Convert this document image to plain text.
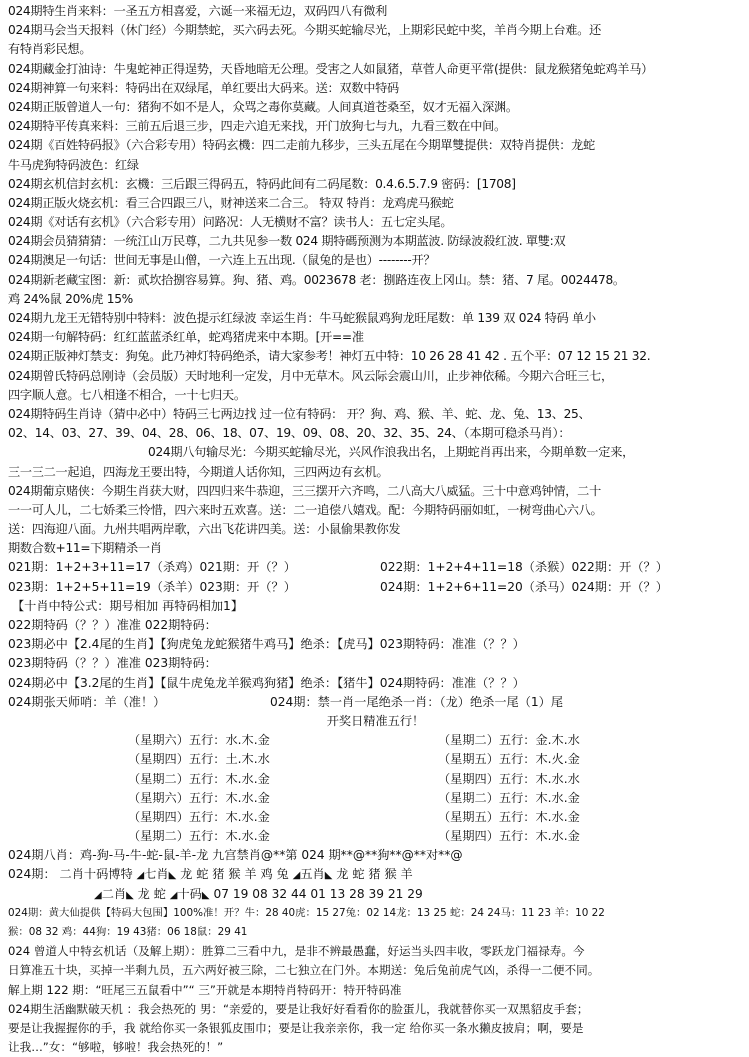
024期特生肖来料：一圣五方相喜爱，六诞一来福无边，双码四八有微利
024期马会当天报料（休门经）今期禁蛇，买六码去死。今期买蛇输尽光，上期彩民蛇中奖，羊肖今期上台难。还
有特肖彩民想。
024期藏金打油诗：牛鬼蛇神正得逞势，天昏地暗无公理。受害之人如鼠猪，草菅人命更平常(提供：鼠龙猴猪兔蛇鸡羊马）
024期神算一句来料：特码出在双绿尾，单红要出大码来。送：双数中特码
024期正版曾道人一句：猪狗不如不是人，众骂之毒你莫藏。人间真道苍桑至，奴才无福入深渊。
024期特平传真来料：三前五后退三步，四走六追无来找，开门放狗七与九，九看三数在中间。
024期《百姓特码报》（六合彩专用）特码玄機：四二走前九移步，三头五尾在今期單雙提供：双特肖提供：龙蛇
牛马虎狗特码波色：红绿
024期玄机信封玄机：玄機：三后跟三得码五，特码此间有二码尾数：0.4.6.5.7.9 密码：[1708]
024期正版火烧玄机：看三合四跟三八，财神送来二合三。 特双 特肖：龙鸡虎马猴蛇
024期《对话有玄机》（六合彩专用）问路况：人无横财不富？读书人：五七定头尾。
024期会员猜猜猜：一统江山万民尊，二九共见参一数 024 期特碼预测为本期蓝波. 防绿波殺红波. 單雙:双
024期澳足一句话：世间无事是山僧，一六连上五出现.（鼠兔的是也）--------开？
024期新老藏宝图：新：贰坎拾捌容易算。狗、猪、鸡。0023678 老：捌路连夜上冈山。禁：猪、7 尾。0024478。
鸡 24%鼠 20%虎 15%
024期九龙王无错特别中特料：波色提示红绿波 幸运生肖：牛马蛇猴鼠鸡狗龙旺尾数：单 139 双 024 特码 单小
024期一句解特码：红红蓝蓝杀红单，蛇鸡猪虎来中本期。[开==准
024期正版神灯禁支：狗兔。此乃神灯特码绝杀，请大家参考！神灯五中特：10 26 28 41 42 . 五个平：07 12 15 21 32.
024期曾氏特码总刚诗（会员版）天时地利一定发，月中无草木。风云际会震山川，止步神依稀。今期六合旺三七，
四字顺人意。七八相逢不相合，一十七归天。
024期特码生肖诗（猜中必中）特码三七两边找 过一位有特码： 开？狗、鸡、猴、羊、蛇、龙、兔、13、25、
02、14、03、27、39、04、28、06、18、07、19、09、08、20、32、35、24、（本期可稳杀马肖）：
024期八句输尽光：今期买蛇输尽光，兴风作浪我出名，上期蛇肖再出来，今期单数一定来，
三一三二一起追，四海龙王要出特，今期道人话你知，三四两边有玄机。
024期葡京赌侠：今期生肖获大财，四四归来牛恭迎，三三摆开六齐鸣，二八高大八威猛。三十中意鸡钟情，二十
一一可人儿，二七娇柔三怜惜，四六来时五欢喜。送：二一追偿八嬉戏。配：今期特码丽如虹，一树弯曲心六八。
送：四海迎八面。九州共唱两岸歌，六出飞花讲四美。送：小鼠偷果教你发
期数合数+11=下期精杀一肖
021期：1+2+3+11=17（杀鸡）021期：开（？）	022期：1+2+4+11=18（杀猴）022期：开（？）
023期：1+2+5+11=19（杀羊）023期：开（？）	024期：1+2+6+11=20（杀马）024期：开（？）
【十肖中特公式：期号相加 再特码相加1】
022期特码（？？）准准 022期特码：
023期必中【2.4尾的生肖】【狗虎兔龙蛇猴猪牛鸡马】绝杀：【虎马】023期特码：准准（？？）
023期特码（？？）准准 023期特码：
024期必中【3.2尾的生肖】【鼠牛虎兔龙羊猴鸡狗猪】绝杀：【猪牛】024期特码：准准（？？）
024期张天师哨：羊（准！）	024期：禁一肖一尾绝杀一肖：（龙）绝杀一尾（1）尾
开奖日精准五行！
（星期六）五行：水.木.金	（星期二）五行：金.木.水
（星期四）五行：土.木.水	（星期五）五行：木.火.金
（星期二）五行：木.水.金	（星期四）五行：木.水.水
（星期六）五行：木.水.金	（星期二）五行：木.水.金
（星期四）五行：木.水.金	（星期五）五行：木.水.金
（星期二）五行：木.水.金	（星期四）五行：木.水.金
024期八肖：鸡-狗-马-牛-蛇-鼠-羊-龙 九宫禁肖@**第 024 期**@**狗**@**对**@
024期： 二肖十码博特 ◢七肖◣ 龙 蛇 猪 猴 羊 鸡 兔 ◢五肖◣ 龙 蛇 猪 猴 羊
◢二肖◣ 龙 蛇 ◢十码◣ 07 19 08 32 44 01 13 28 39 21 29
024期：黄大仙提供【特码大包围】100%准！开？牛：28 40虎：15 27兔：02 14龙：13 25 蛇：24 24马：11 23 羊：10 22
猴：08 32 鸡：44狗：19 43猪：06 18鼠：29 41
024 曾道人中特玄机话（及解上期）：胜算二三看中九，是非不辨最愚蠢，好运当头四丰收，零跃龙门福禄寿。今
日算准五十块，买掉一半剩九员，五六两好被三除，二七独立在门外。本期送：兔后兔前虎气凶，杀得一二便不同。
解上期 122 期：“旺尾三五鼠看中”“ 三”开就是本期特肖特码开：特开特码准
024期生活幽默破天机 ：我会热死的 男：“亲爱的，要是让我好好看看你的脸蛋儿，我就替你买一双黑貂皮手套；
要是让我握握你的手，我 就给你买一条银狐皮围巾；要是让我亲亲你，我一定 给你买一条水獭皮披肩；啊，要是
让我…”女：“够啦，够啦！我会热死的！”
